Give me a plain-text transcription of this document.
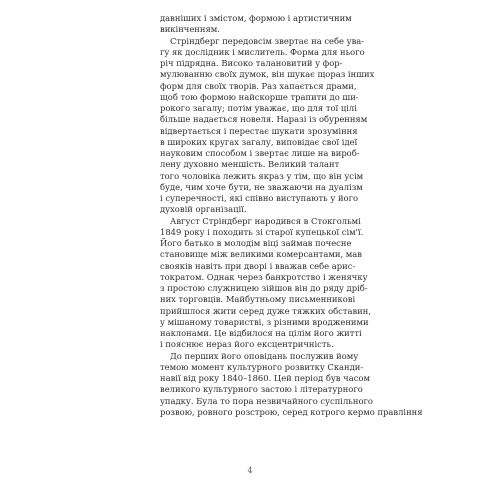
давніших і змістом, формою і артистичним
викінченням.
Стріндберг передовсім звертає на себе ува-
гу як дослідник і мислитель. Форма для нього
річ підрядна. Високо талановитий у фор-
мулюванню своїх думок, він шукає щораз інших
форм для своїх творів. Раз хапається драми,
щоб тою формою найскорше трапити до ши-
рокого загалу; потім уважає, що для тої цілі
більше надається новеля. Наразі із обуренням
відвертається і перестає шукати зрозуміння
в широких кругах загалу, виповідає свої ідеї
науковим способом і звертає лише на вироб-
лену духовно меншість. Великий талант
того чоловіка лежить якраз у тім, що він усім
буде, чим хоче бути, не зважаючи на дуалізм
і суперечності, які співно виступають у його
духовій організації.
Август Стріндберг народився в Стокгольмі
1849 року і походить зі старої купецької сім'ї.
Його батько в молодім віці займав почесне
становище між великими комерсантами, мав
свояків навіть при дворі і вважав себе арис-
тократом. Однак через банкротство і женячку
з простою служницею зійшов він до ряду дріб-
них торговців. Майбутньому письменникові
прийшлося жити серед дуже тяжких обставин,
у мішаному товаристві, з різними вродженими
наклонами. Це відбилося на цілім його житті
і пояснює нераз його ексцентричність.
До перших його оповідань послужив йому
темою момент культурного розвитку Сканди-
навії від року 1840–1860. Цей період був часом
великого культурного застою і літературного
упадку. Була то пора незвичайного суспільного
розвою, ровного розстрою, серед котрого кермо правління
4
